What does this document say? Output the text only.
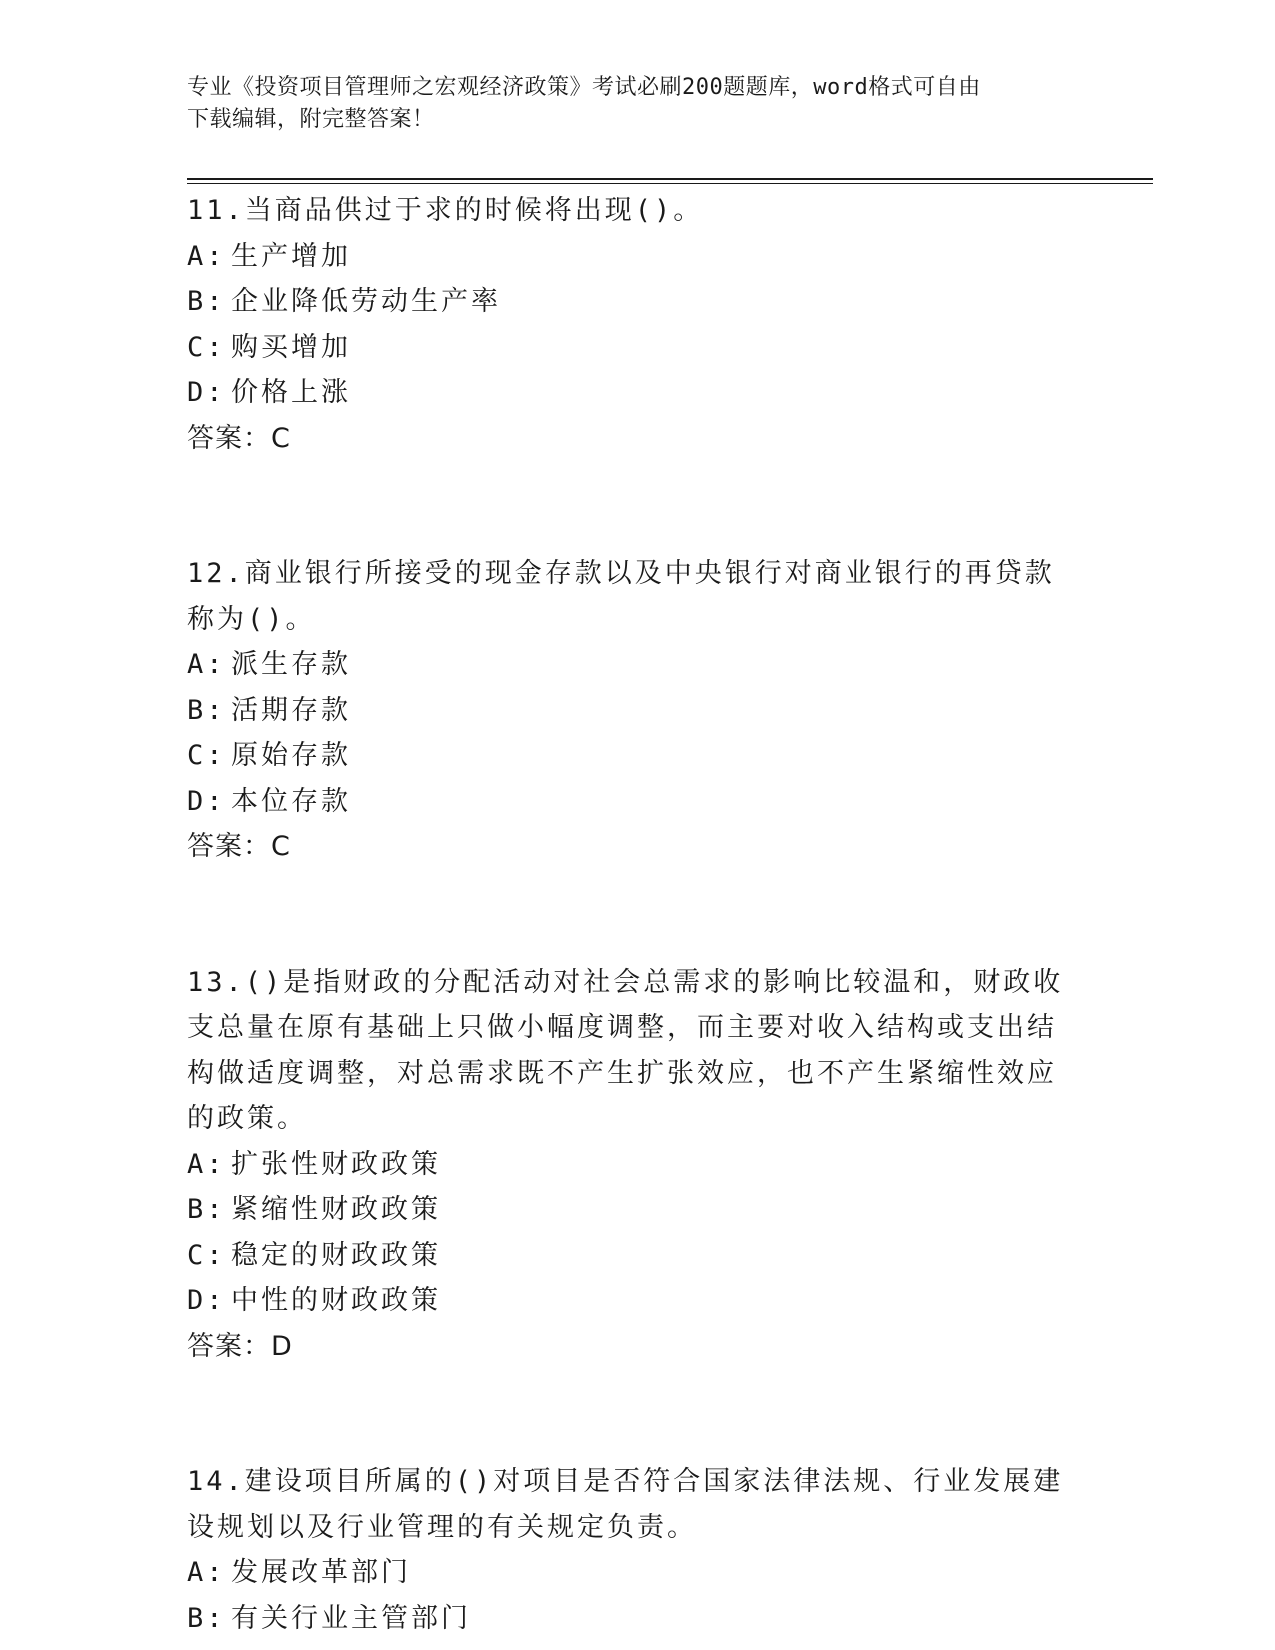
专业《投资项目管理师之宏观经济政策》考试必刷200题题库，word格式可自由
下载编辑，附完整答案！

11.当商品供过于求的时候将出现()。

A: 生产增加

B: 企业降低劳动生产率

C: 购买增加

D: 价格上涨

答案：C

12.商业银行所接受的现金存款以及中央银行对商业银行的再贷款称为()。

A: 派生存款

B: 活期存款

C: 原始存款

D: 本位存款

答案：C

13.()是指财政的分配活动对社会总需求的影响比较温和，财政收支总量在原有基础上只做小幅度调整，而主要对收入结构或支出结构做适度调整，对总需求既不产生扩张效应，也不产生紧缩性效应的政策。

A: 扩张性财政政策

B: 紧缩性财政政策

C: 稳定的财政政策

D: 中性的财政政策

答案：D

14.建设项目所属的()对项目是否符合国家法律法规、行业发展建设规划以及行业管理的有关规定负责。

A: 发展改革部门

B: 有关行业主管部门
